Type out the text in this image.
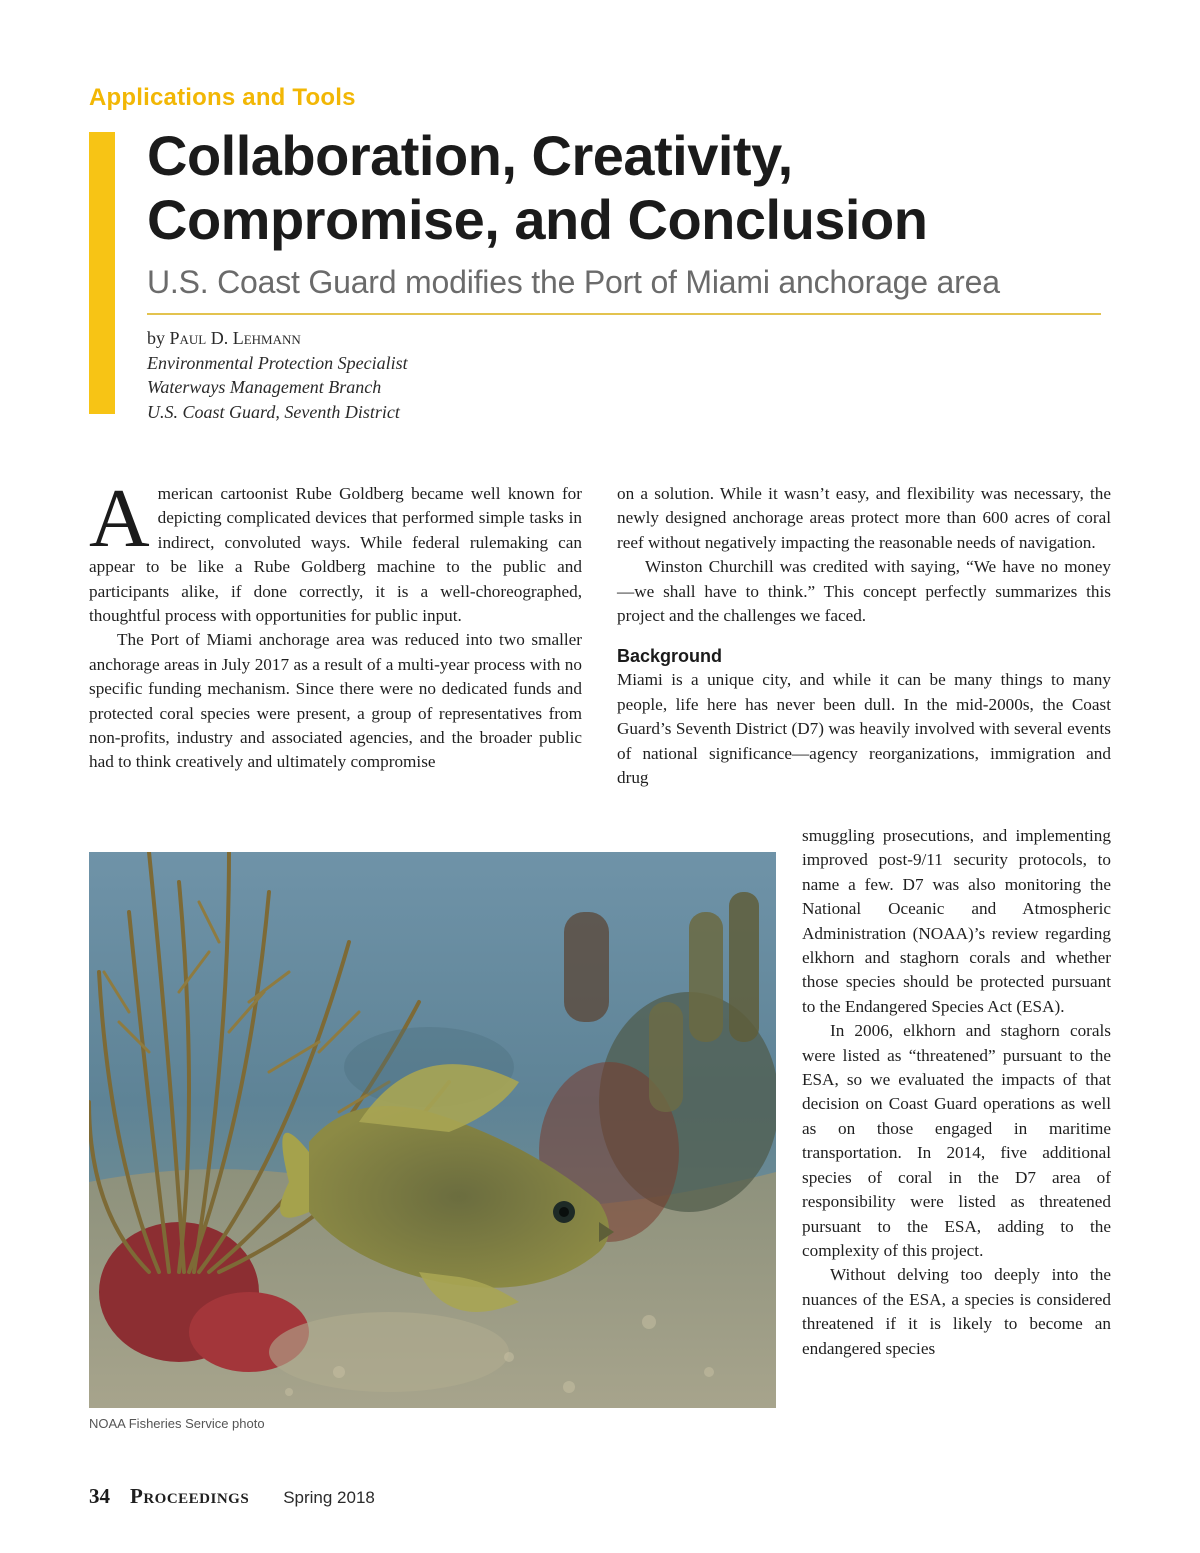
Applications and Tools
Collaboration, Creativity, Compromise, and Conclusion
U.S. Coast Guard modifies the Port of Miami anchorage area
by Paul D. Lehmann
Environmental Protection Specialist
Waterways Management Branch
U.S. Coast Guard, Seventh District

American cartoonist Rube Goldberg became well known for depicting complicated devices that performed simple tasks in indirect, convoluted ways. While federal rulemaking can appear to be like a Rube Goldberg machine to the public and participants alike, if done correctly, it is a well-choreographed, thoughtful process with opportunities for public input.

The Port of Miami anchorage area was reduced into two smaller anchorage areas in July 2017 as a result of a multi-year process with no specific funding mechanism. Since there were no dedicated funds and protected coral species were present, a group of representatives from non-profits, industry and associated agencies, and the broader public had to think creatively and ultimately compromise

on a solution. While it wasn’t easy, and flexibility was necessary, the newly designed anchorage areas protect more than 600 acres of coral reef without negatively impacting the reasonable needs of navigation.

Winston Churchill was credited with saying, “We have no money—we shall have to think.” This concept perfectly summarizes this project and the challenges we faced.

Background

Miami is a unique city, and while it can be many things to many people, life here has never been dull. In the mid-2000s, the Coast Guard’s Seventh District (D7) was heavily involved with several events of national significance—agency reorganizations, immigration and drug

smuggling prosecutions, and implementing improved post-9/11 security protocols, to name a few. D7 was also monitoring the National Oceanic and Atmospheric Administration (NOAA)’s review regarding elkhorn and staghorn corals and whether those species should be protected pursuant to the Endangered Species Act (ESA).

In 2006, elkhorn and staghorn corals were listed as “threatened” pursuant to the ESA, so we evaluated the impacts of that decision on Coast Guard operations as well as on those engaged in maritime transportation. In 2014, five additional species of coral in the D7 area of responsibility were listed as threatened pursuant to the ESA, adding to the complexity of this project.

Without delving too deeply into the nuances of the ESA, a species is considered threatened if it is likely to become an endangered species

NOAA Fisheries Service photo
34 Proceedings Spring 2018
